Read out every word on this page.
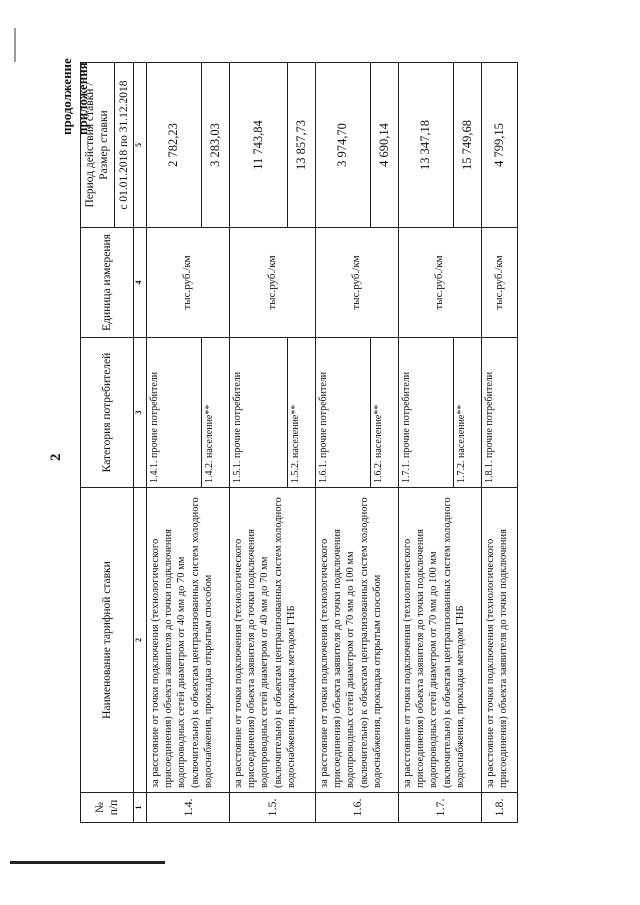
2
продолжение приложения
№ п/п	Наименование тарифной ставки	Категория потребителей	Единица измерения	Период действия ставки /Размер ставки
				с 01.01.2018 по 31.12.2018
1	2	3	4	5
1.4.	за расстояние от точки подключения (технологического присоединения) объекта заявителя до точки подключения водопроводных сетей диаметром от 40 мм до 70 мм (включительно) к объектам централизованных систем холодного водоснабжения, прокладка открытым способом	1.4.1. прочие потребители	тыс.руб./км	2 782,23
		1.4.2. население**		3 283,03
1.5.	за расстояние от точки подключения (технологического присоединения) объекта заявителя до точки подключения водопроводных сетей диаметром от 40 мм до 70 мм (включительно) к объектам централизованных систем холодного водоснабжения, прокладка методом ГНБ	1.5.1. прочие потребители	тыс.руб./км	11 743,84
		1.5.2. население**		13 857,73
1.6.	за расстояние от точки подключения (технологического присоединения) объекта заявителя до точки подключения водопроводных сетей диаметром от 70 мм до 100 мм (включительно) к объектам централизованных систем холодного водоснабжения, прокладка открытым способом	1.6.1. прочие потребители	тыс.руб./км	3 974,70
		1.6.2. население**		4 690,14
1.7.	за расстояние от точки подключения (технологического присоединения) объекта заявителя до точки подключения водопроводных сетей диаметром от 70 мм до 100 мм (включительно) к объектам централизованных систем холодного водоснабжения, прокладка методом ГНБ	1.7.1. прочие потребители	тыс.руб./км	13 347,18
		1.7.2. население**		15 749,68
1.8.	за расстояние от точки подключения (технологического присоединения) объекта заявителя до точки подключения	1.8.1. прочие потребители	тыс.руб./км	4 799,15
